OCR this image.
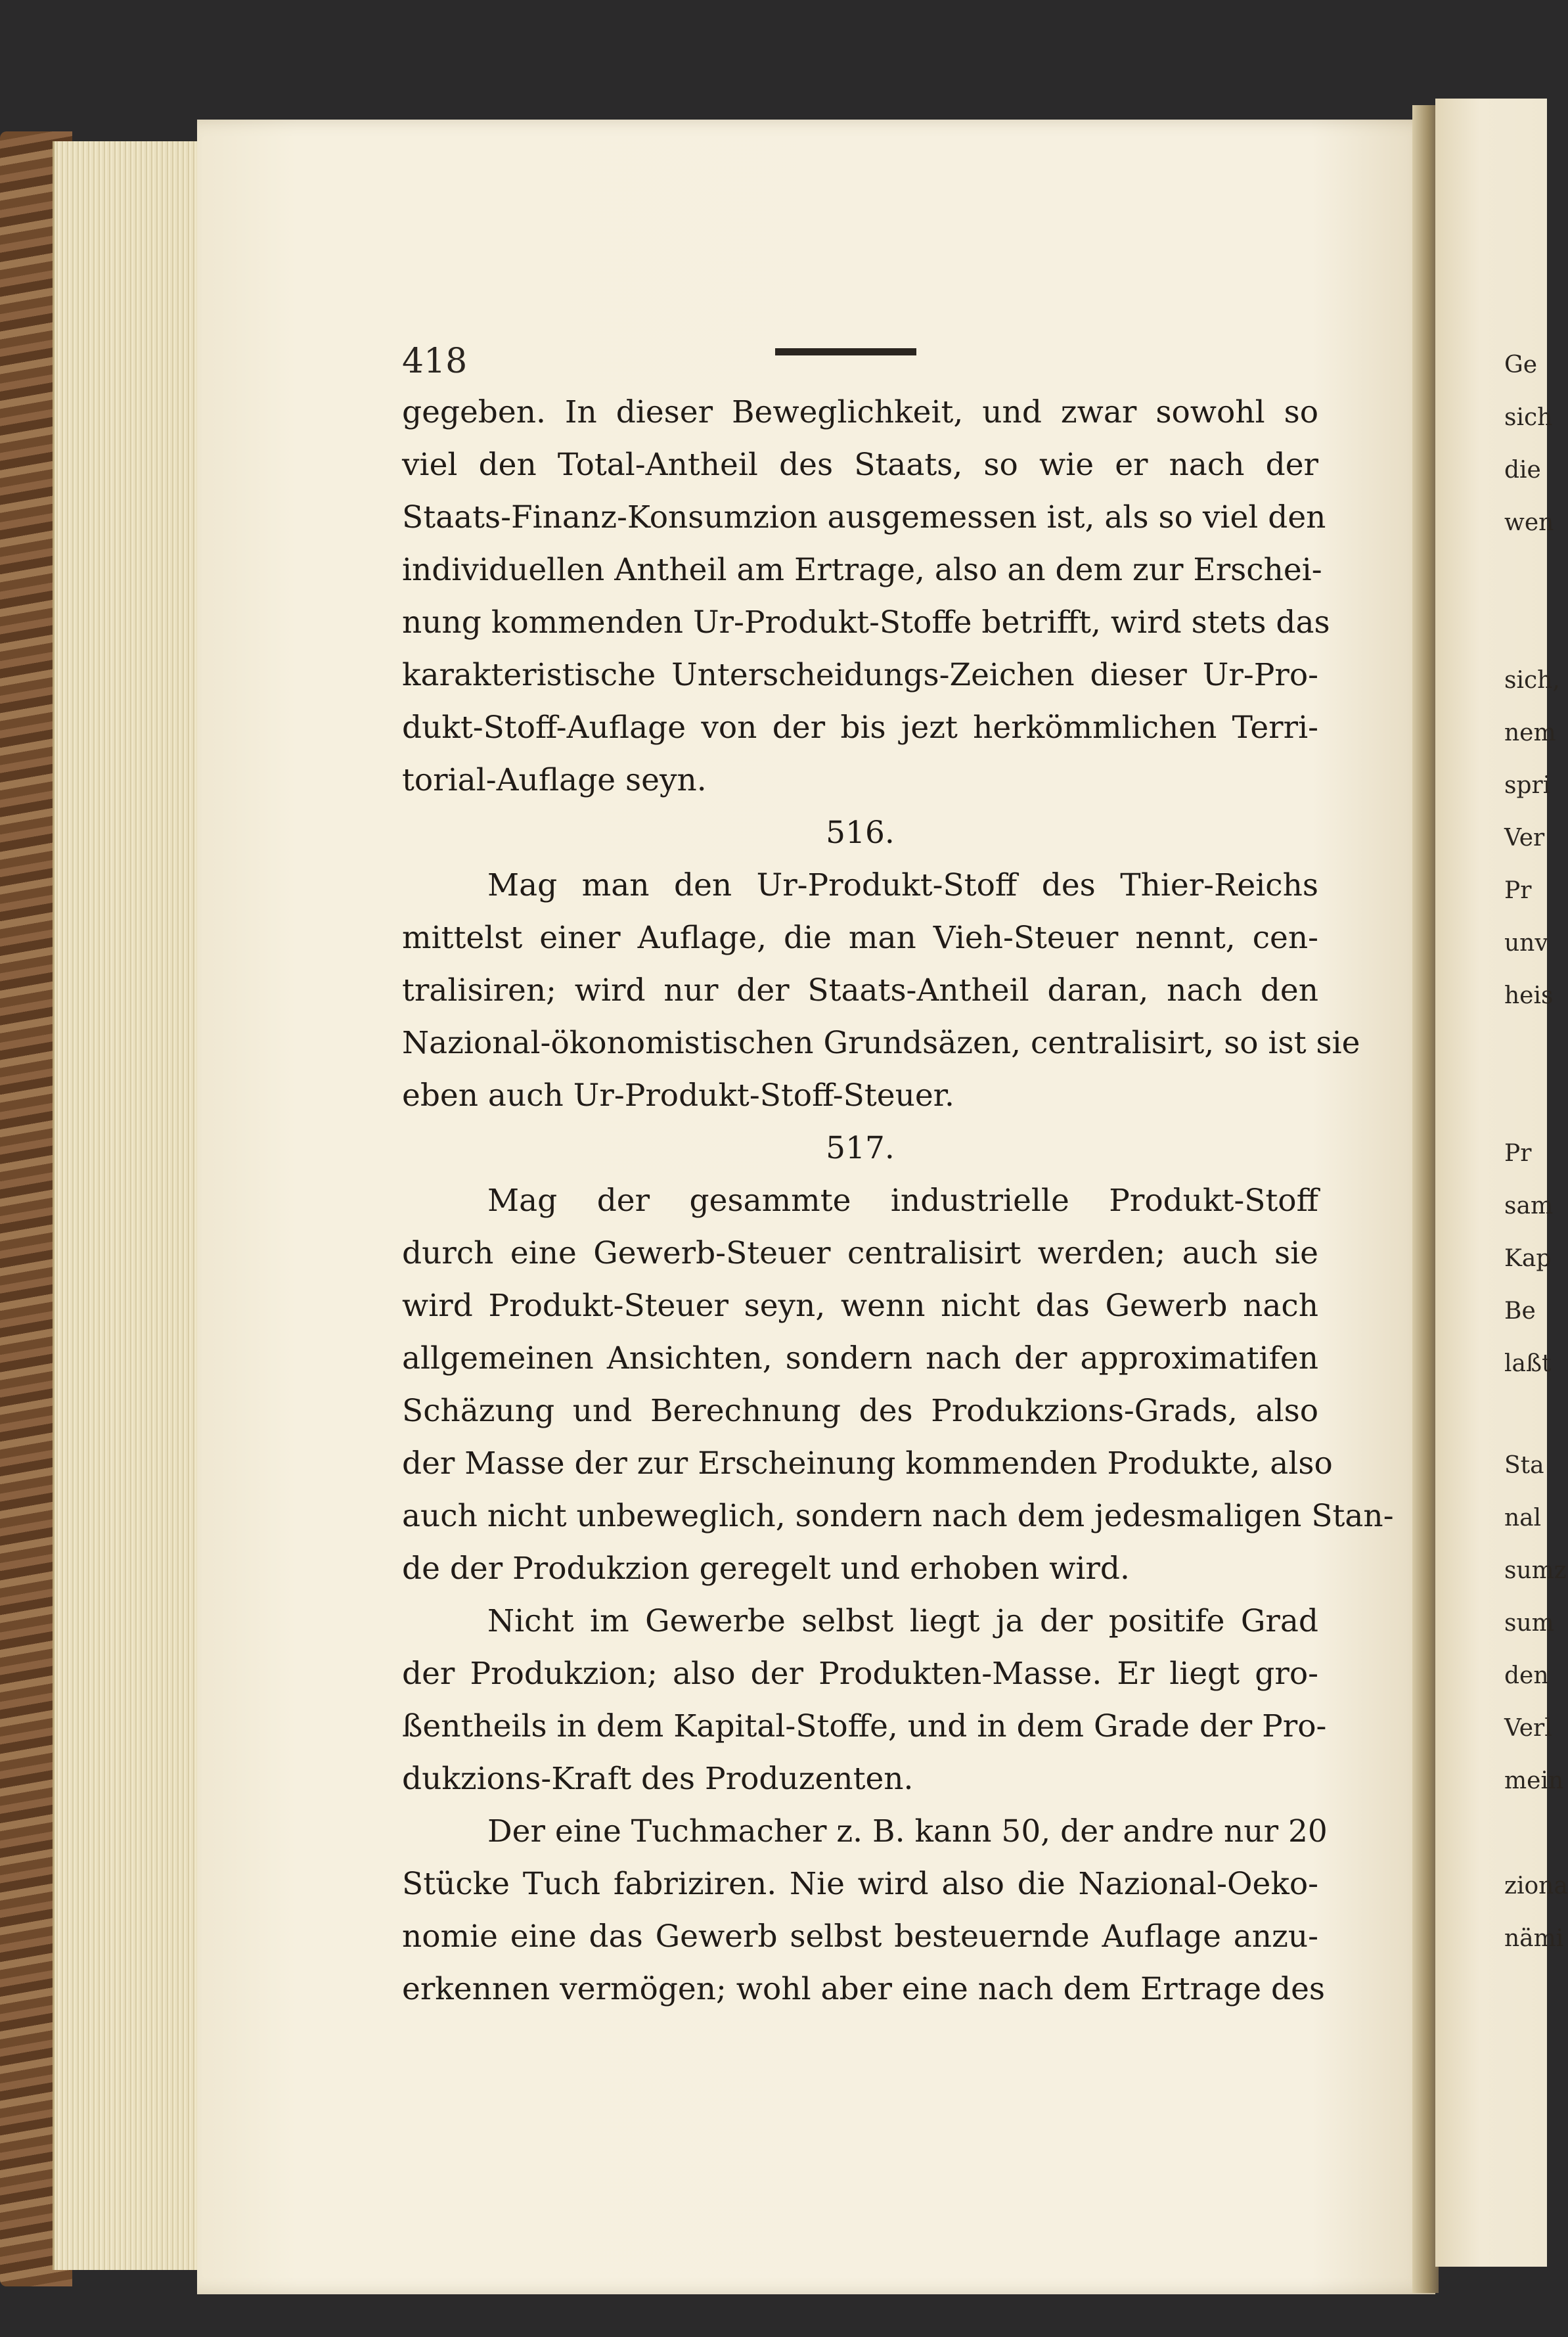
418
gegeben. In dieser Beweglichkeit, und zwar sowohl so
viel den Total-Antheil des Staats, so wie er nach der
Staats-Finanz-Konsumzion ausgemessen ist, als so viel den
individuellen Antheil am Ertrage, also an dem zur Erschei-
nung kommenden Ur-Produkt-Stoffe betrifft, wird stets das
karakteristische Unterscheidungs-Zeichen dieser Ur-Pro-
dukt-Stoff-Auflage von der bis jezt herkömmlichen Terri-
torial-Auflage seyn.
516.
Mag man den Ur-Produkt-Stoff des Thier-Reichs
mittelst einer Auflage, die man Vieh-Steuer nennt, cen-
tralisiren; wird nur der Staats-Antheil daran, nach den
Nazional-ökonomistischen Grundsäzen, centralisirt, so ist sie
eben auch Ur-Produkt-Stoff-Steuer.
517.
Mag der gesammte industrielle Produkt-Stoff
durch eine Gewerb-Steuer centralisirt werden; auch sie
wird Produkt-Steuer seyn, wenn nicht das Gewerb nach
allgemeinen Ansichten, sondern nach der approximatifen
Schäzung und Berechnung des Produkzions-Grads, also
der Masse der zur Erscheinung kommenden Produkte, also
auch nicht unbeweglich, sondern nach dem jedesmaligen Stan-
de der Produkzion geregelt und erhoben wird.
Nicht im Gewerbe selbst liegt ja der positife Grad
der Produkzion; also der Produkten-Masse. Er liegt gro-
ßentheils in dem Kapital-Stoffe, und in dem Grade der Pro-
dukzions-Kraft des Produzenten.
Der eine Tuchmacher z. B. kann 50, der andre nur 20
Stücke Tuch fabriziren. Nie wird also die Nazional-Oeko-
nomie eine das Gewerb selbst besteuernde Auflage anzu-
erkennen vermögen; wohl aber eine nach dem Ertrage des
Ge
sich
die
wen
sich,
nem
spri
Ver
Pr
unv
heis
Pr
sam
Kap
Be
laßt
Sta
nal
sumz
sum
den
Verl
mein
ziona
nämi
